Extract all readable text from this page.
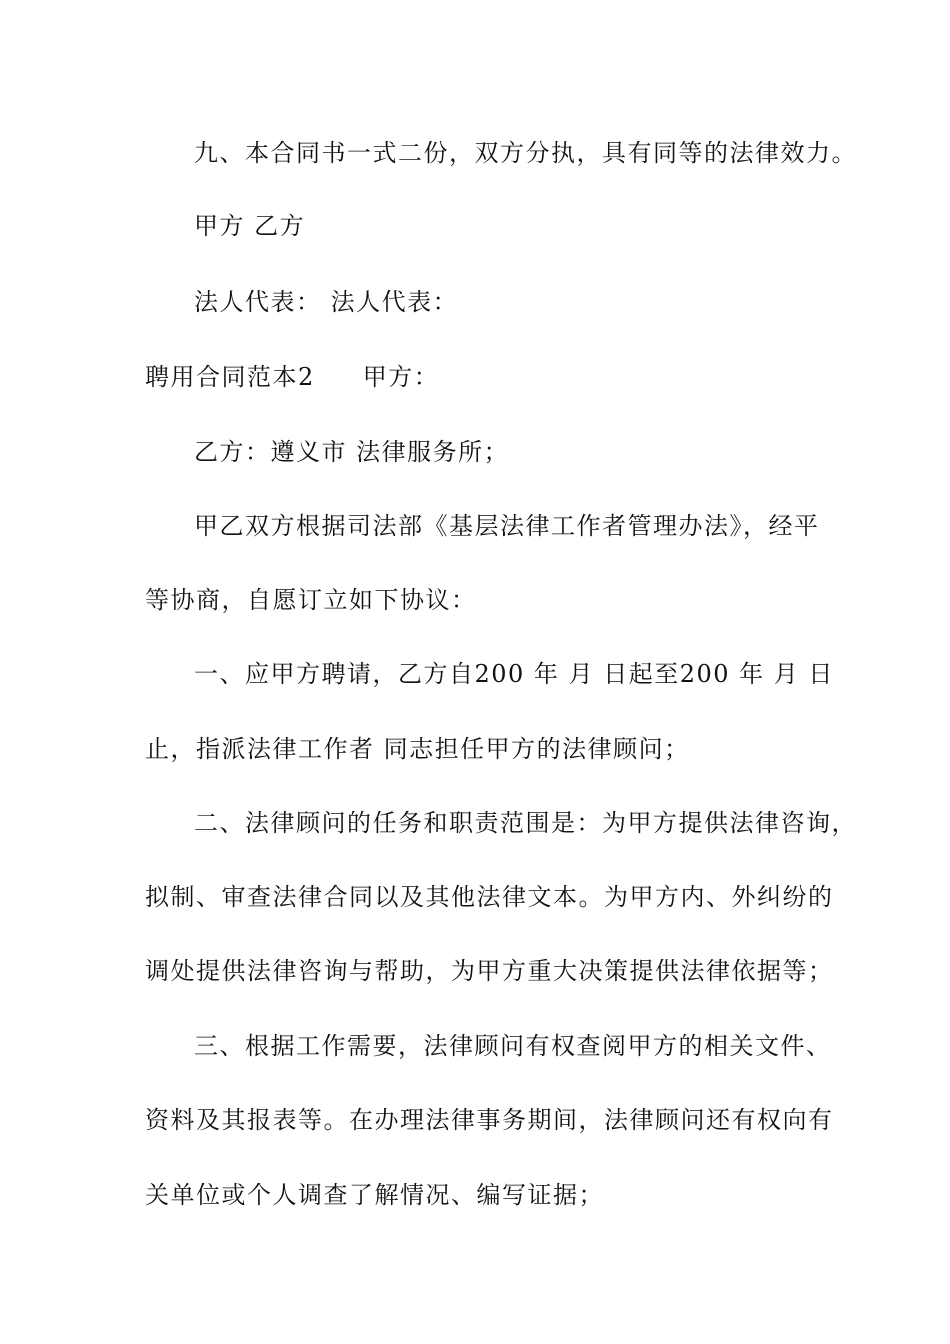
九、本合同书一式二份，双方分执，具有同等的法律效力。
甲方 乙方
法人代表： 法人代表：
聘用合同范本2 甲方：
乙方：遵义市 法律服务所；
甲乙双方根据司法部《基层法律工作者管理办法》，经平
等协商，自愿订立如下协议：
一、应甲方聘请，乙方自200 年 月 日起至200 年 月 日
止，指派法律工作者 同志担任甲方的法律顾问；
二、法律顾问的任务和职责范围是：为甲方提供法律咨询，
拟制、审查法律合同以及其他法律文本。为甲方内、外纠纷的
调处提供法律咨询与帮助，为甲方重大决策提供法律依据等；
三、根据工作需要，法律顾问有权查阅甲方的相关文件、
资料及其报表等。在办理法律事务期间，法律顾问还有权向有
关单位或个人调查了解情况、编写证据；
